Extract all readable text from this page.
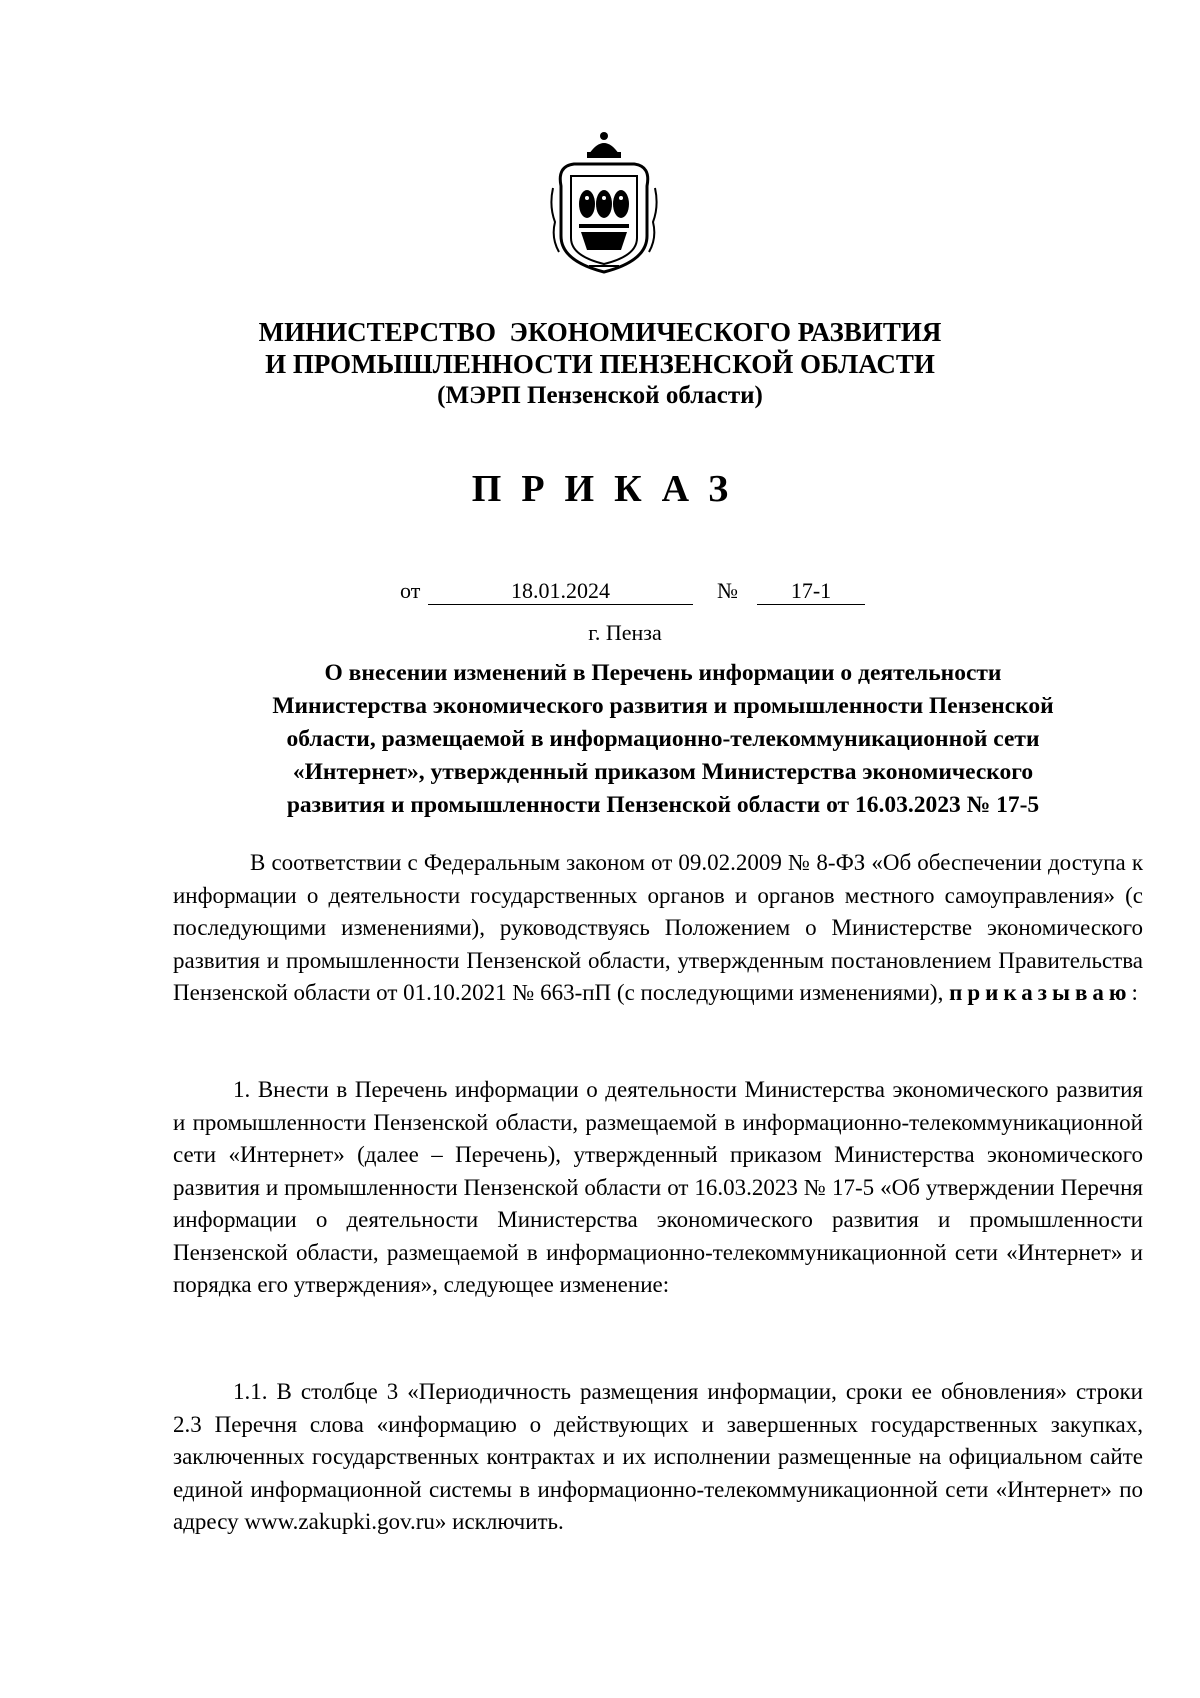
МИНИСТЕРСТВО  ЭКОНОМИЧЕСКОГО РАЗВИТИЯ
И ПРОМЫШЛЕННОСТИ ПЕНЗЕНСКОЙ ОБЛАСТИ
(МЭРП Пензенской области)
ПРИКАЗ
от	18.01.2024	№	17-1
г. Пенза
О внесении изменений в Перечень информации о деятельности
Министерства экономического развития и промышленности Пензенской
области, размещаемой в информационно-телекоммуникационной сети
«Интернет», утвержденный приказом Министерства экономического
развития и промышленности Пензенской области от 16.03.2023 № 17-5
В соответствии с Федеральным законом от 09.02.2009 № 8-ФЗ «Об обеспечении доступа к информации о деятельности государственных органов и органов местного самоуправления» (с последующими изменениями), руководствуясь Положением о Министерстве экономического развития и промышленности Пензенской области, утвержденным постановлением Правительства Пензенской области от 01.10.2021 № 663-пП (с последующими изменениями), приказываю:
1. Внести в Перечень информации о деятельности Министерства экономического развития и промышленности Пензенской области, размещаемой в информационно-телекоммуникационной сети «Интернет» (далее – Перечень), утвержденный приказом Министерства экономического развития и промышленности Пензенской области от 16.03.2023 № 17-5 «Об утверждении Перечня информации о деятельности Министерства экономического развития и промышленности Пензенской области, размещаемой в информационно-телекоммуникационной сети «Интернет» и порядка его утверждения», следующее изменение:
1.1. В столбце 3 «Периодичность размещения информации, сроки ее обновления» строки 2.3 Перечня слова «информацию о действующих и завершенных государственных закупках, заключенных государственных контрактах и их исполнении размещенные на официальном сайте единой информационной системы в информационно-телекоммуникационной сети «Интернет» по адресу www.zakupki.gov.ru» исключить.
